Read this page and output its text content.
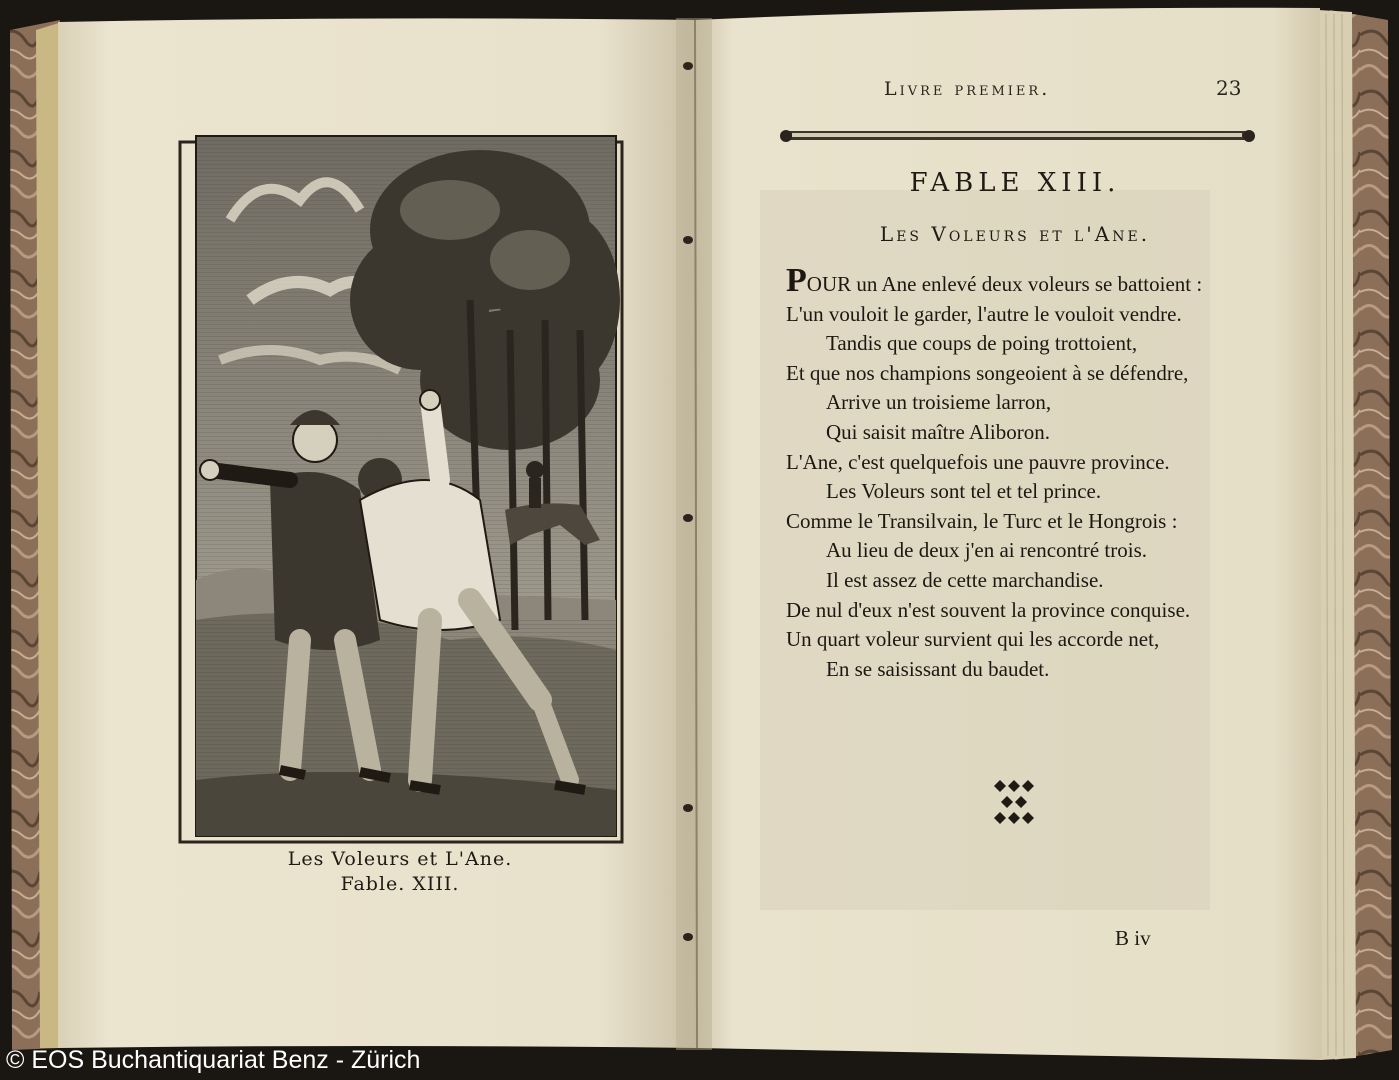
Livre premier.	23
FABLE XIII.
Les Voleurs et l'Ane.
POUR un Ane enlevé deux voleurs se battoient :
L'un vouloit le garder, l'autre le vouloit vendre.
Tandis que coups de poing trottoient,
Et que nos champions songeoient à se défendre,
Arrive un troisieme larron,
Qui saisit maître Aliboron.
L'Ane, c'est quelquefois une pauvre province.
Les Voleurs sont tel et tel prince.
Comme le Transilvain, le Turc et le Hongrois :
Au lieu de deux j'en ai rencontré trois.
Il est assez de cette marchandise.
De nul d'eux n'est souvent la province conquise.
Un quart voleur survient qui les accorde net,
En se saisissant du baudet.
Les Voleurs et L'Ane.
Fable. XIII.
B iv
© EOS Buchantiquariat Benz - Zürich
